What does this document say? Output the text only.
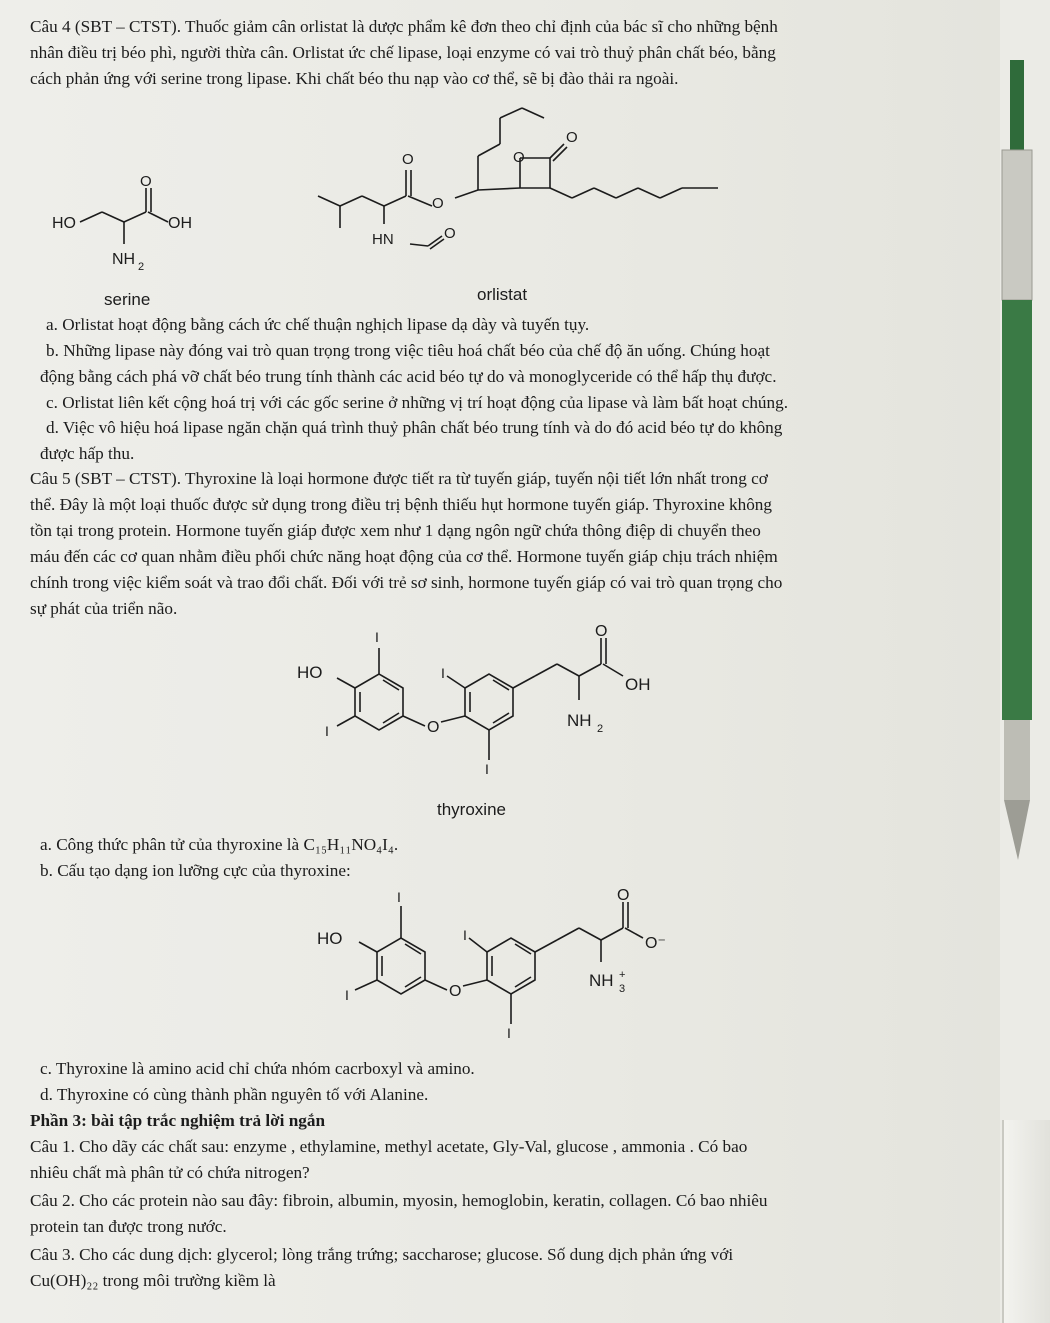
Câu 4 (SBT – CTST). Thuốc giảm cân orlistat là dược phẩm kê đơn theo chỉ định của bác sĩ cho những bệnh
nhân điều trị béo phì, người thừa cân. Orlistat ức chế lipase, loại enzyme có vai trò thuỷ phân chất béo, bằng
cách phản ứng với serine trong lipase. Khi chất béo thu nạp vào cơ thể, sẽ bị đào thải ra ngoài.
O
HO	OH
NH 2
serine
O
O
O
O
HN	O
orlistat
a. Orlistat hoạt động bằng cách ức chế thuận nghịch lipase dạ dày và tuyến tụy.
b. Những lipase này đóng vai trò quan trọng trong việc tiêu hoá chất béo của chế độ ăn uống. Chúng hoạt
động bằng cách phá vỡ chất béo trung tính thành các acid béo tự do và monoglyceride có thể hấp thụ được.
c. Orlistat liên kết cộng hoá trị với các gốc serine ở những vị trí hoạt động của lipase và làm bất hoạt chúng.
d. Việc vô hiệu hoá lipase ngăn chặn quá trình thuỷ phân chất béo trung tính và do đó acid béo tự do không
được hấp thu.
Câu 5 (SBT – CTST). Thyroxine là loại hormone được tiết ra từ tuyến giáp, tuyến nội tiết lớn nhất trong cơ
thể. Đây là một loại thuốc được sử dụng trong điều trị bệnh thiếu hụt hormone tuyến giáp. Thyroxine không
tồn tại trong protein. Hormone tuyến giáp được xem như 1 dạng ngôn ngữ chứa thông điệp di chuyển theo
máu đến các cơ quan nhằm điều phối chức năng hoạt động của cơ thể. Hormone tuyến giáp chịu trách nhiệm
chính trong việc kiểm soát và trao đổi chất. Đối với trẻ sơ sinh, hormone tuyến giáp có vai trò quan trọng cho
sự phát của triển não.
HO
I
I	O
I
I
O
OH
NH 2
thyroxine
a. Công thức phân tử của thyroxine là C₁₅H₁₁NO₄I₄.
b. Cấu tạo dạng ion lưỡng cực của thyroxine:
HO
I
I	O
I
I
O
O⁻
NH +
3
c. Thyroxine là amino acid chỉ chứa nhóm cacrboxyl và amino.
d. Thyroxine có cùng thành phần nguyên tố với Alanine.
Phần 3: bài tập trắc nghiệm trả lời ngắn
Câu 1. Cho dãy các chất sau: enzyme , ethylamine, methyl acetate, Gly-Val, glucose , ammonia . Có bao
nhiêu chất mà phân tử có chứa nitrogen?
Câu 2. Cho các protein nào sau đây: fibroin, albumin, myosin, hemoglobin, keratin, collagen. Có bao nhiêu
protein tan được trong nước.
Câu 3. Cho các dung dịch: glycerol; lòng trắng trứng; saccharose; glucose. Số dung dịch phản ứng với
Cu(OH)₂₂ trong môi trường kiềm là
